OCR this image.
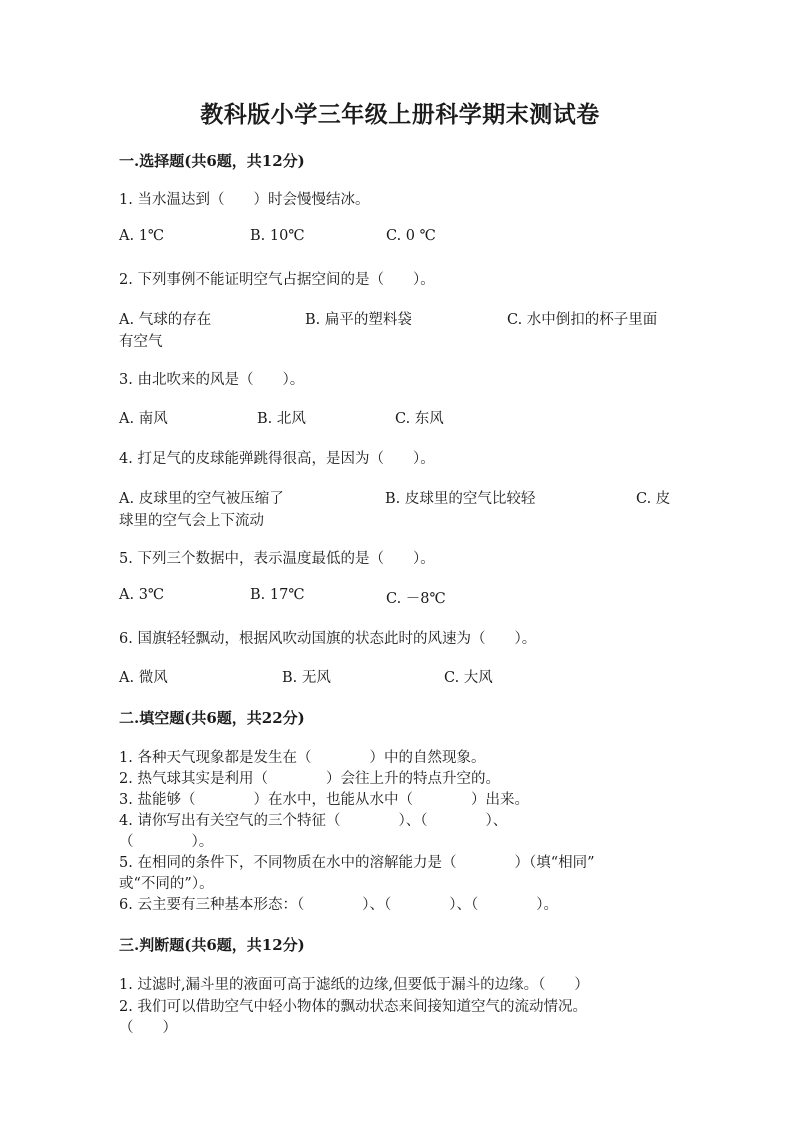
教科版小学三年级上册科学期末测试卷
一.选择题(共6题，共12分)
1. 当水温达到（　　）时会慢慢结冰。
A. 1℃	B. 10℃	C. 0 ℃
2. 下列事例不能证明空气占据空间的是（　　）。
A. 气球的存在	B. 扁平的塑料袋	C. 水中倒扣的杯子里面
有空气
3. 由北吹来的风是（　　）。
A. 南风	B. 北风	C. 东风
4. 打足气的皮球能弹跳得很高，是因为（　　）。
A. 皮球里的空气被压缩了	B. 皮球里的空气比较轻	C. 皮
球里的空气会上下流动
5. 下列三个数据中，表示温度最低的是（　　）。
A. 3℃	B. 17℃	C. －8℃
6. 国旗轻轻飘动，根据风吹动国旗的状态此时的风速为（　　）。
A. 微风	B. 无风	C. 大风
二.填空题(共6题，共22分)
1. 各种天气现象都是发生在（　　　　）中的自然现象。
2. 热气球其实是利用（　　　　）会往上升的特点升空的。
3. 盐能够（　　　　）在水中，也能从水中（　　　　）出来。
4. 请你写出有关空气的三个特征（　　　　）、（　　　　）、
（　　　　）。
5. 在相同的条件下，不同物质在水中的溶解能力是（　　　　）（填“相同”
或“不同的”）。
6. 云主要有三种基本形态：（　　　　）、（　　　　）、（　　　　）。
三.判断题(共6题，共12分)
1. 过滤时,漏斗里的液面可高于滤纸的边缘,但要低于漏斗的边缘。（　　）
2. 我们可以借助空气中轻小物体的飘动状态来间接知道空气的流动情况。
（　　）
